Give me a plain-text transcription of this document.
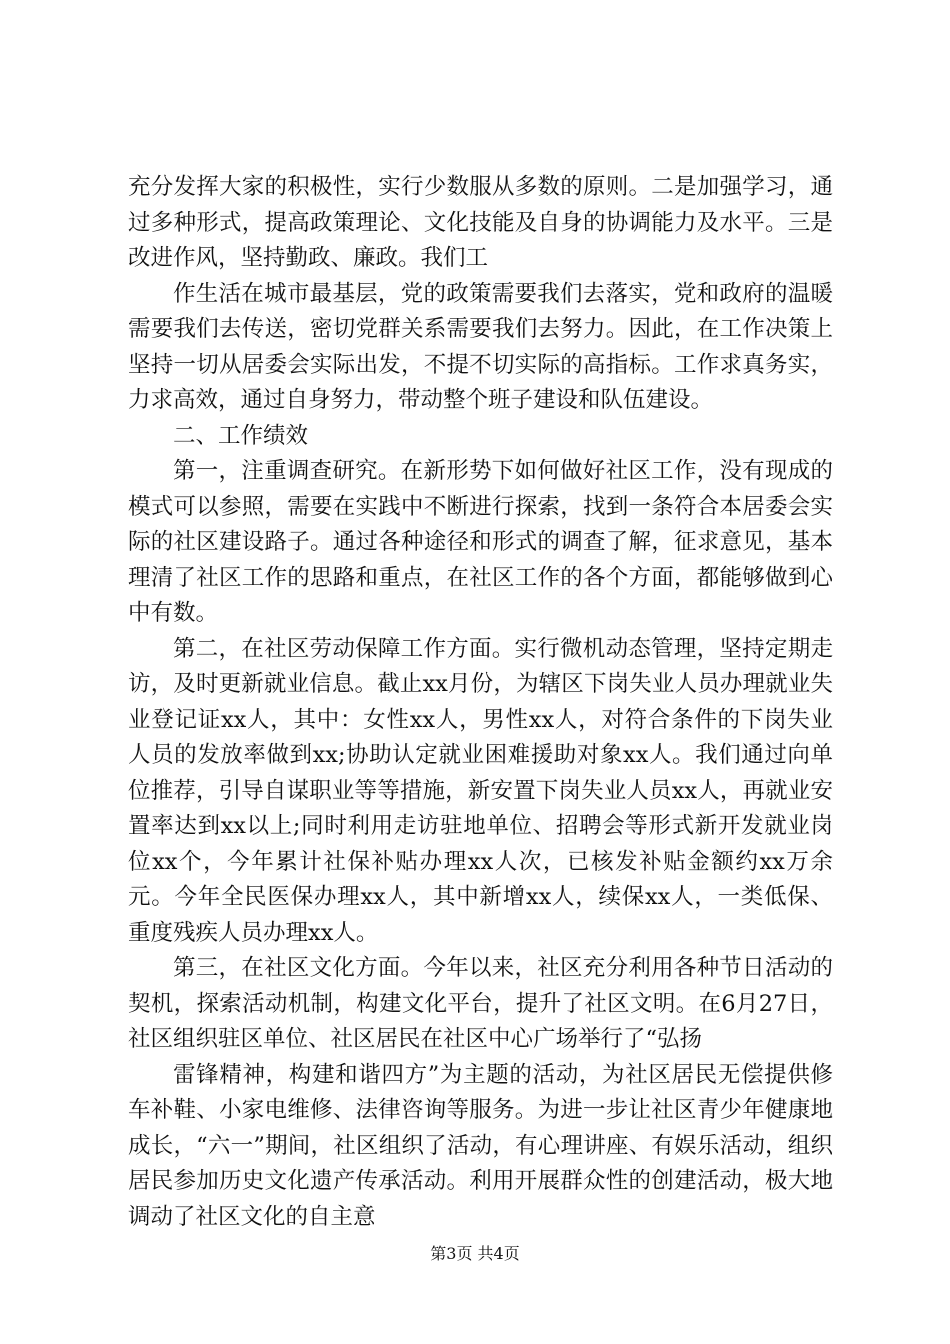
充分发挥大家的积极性，实行少数服从多数的原则。二是加强学习，通过多种形式，提高政策理论、文化技能及自身的协调能力及水平。三是改进作风，坚持勤政、廉政。我们工

作生活在城市最基层，党的政策需要我们去落实，党和政府的温暖需要我们去传送，密切党群关系需要我们去努力。因此，在工作决策上坚持一切从居委会实际出发，不提不切实际的高指标。工作求真务实，力求高效，通过自身努力，带动整个班子建设和队伍建设。

二、工作绩效

第一，注重调查研究。在新形势下如何做好社区工作，没有现成的模式可以参照，需要在实践中不断进行探索，找到一条符合本居委会实际的社区建设路子。通过各种途径和形式的调查了解，征求意见，基本理清了社区工作的思路和重点，在社区工作的各个方面，都能够做到心中有数。

第二，在社区劳动保障工作方面。实行微机动态管理，坚持定期走访，及时更新就业信息。截止xx月份，为辖区下岗失业人员办理就业失业登记证xx人，其中：女性xx人，男性xx人，对符合条件的下岗失业人员的发放率做到xx;协助认定就业困难援助对象xx人。我们通过向单位推荐，引导自谋职业等等措施，新安置下岗失业人员xx人，再就业安置率达到xx以上;同时利用走访驻地单位、招聘会等形式新开发就业岗位xx个，今年累计社保补贴办理xx人次，已核发补贴金额约xx万余元。今年全民医保办理xx人，其中新增xx人，续保xx人，一类低保、重度残疾人员办理xx人。

第三，在社区文化方面。今年以来，社区充分利用各种节日活动的契机，探索活动机制，构建文化平台，提升了社区文明。在6月27日，社区组织驻区单位、社区居民在社区中心广场举行了“弘扬

雷锋精神，构建和谐四方”为主题的活动，为社区居民无偿提供修车补鞋、小家电维修、法律咨询等服务。为进一步让社区青少年健康地成长，“六一”期间，社区组织了活动，有心理讲座、有娱乐活动，组织居民参加历史文化遗产传承活动。利用开展群众性的创建活动，极大地调动了社区文化的自主意

第3页 共4页
